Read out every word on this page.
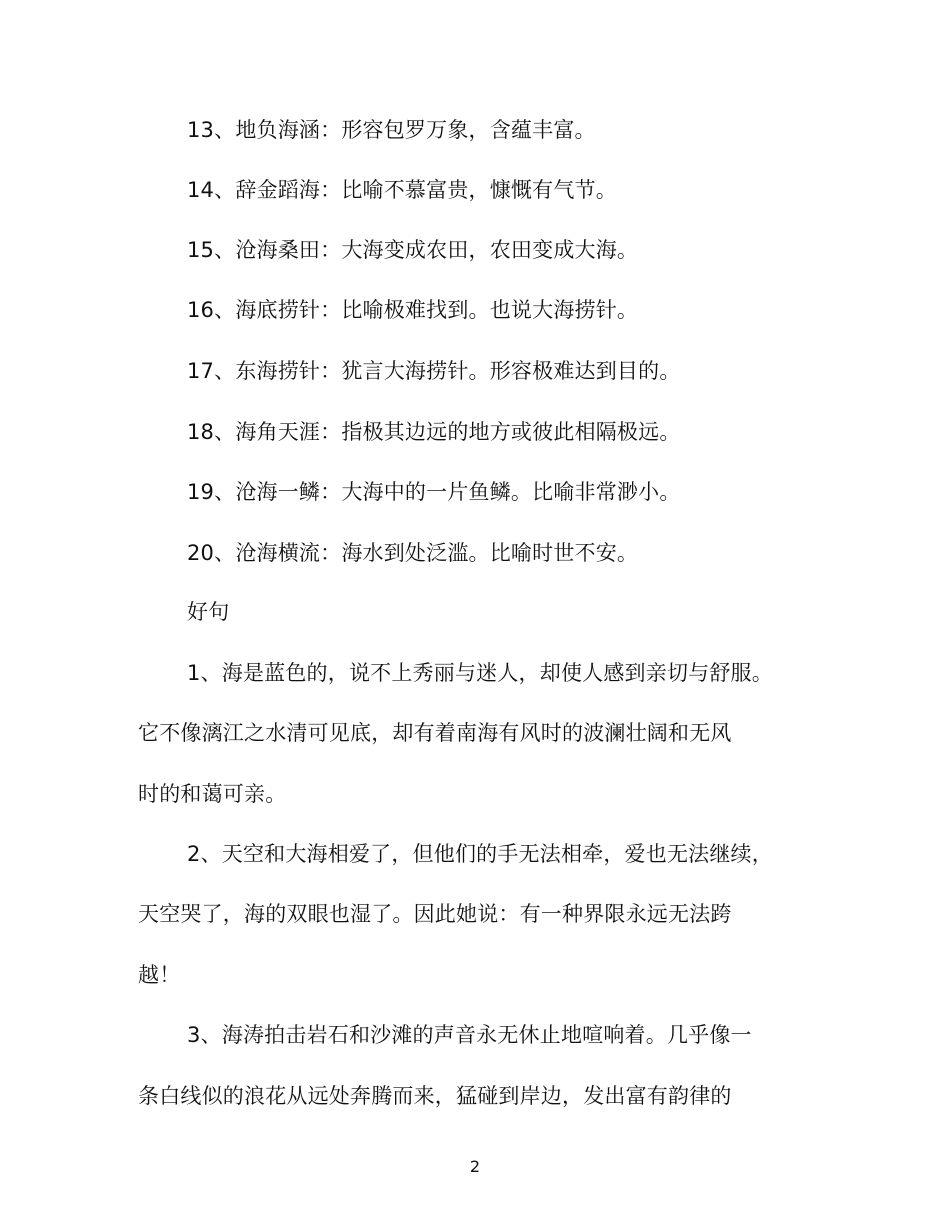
13、地负海涵：形容包罗万象，含蕴丰富。
14、辞金蹈海：比喻不慕富贵，慷慨有气节。
15、沧海桑田：大海变成农田，农田变成大海。
16、海底捞针：比喻极难找到。也说大海捞针。
17、东海捞针：犹言大海捞针。形容极难达到目的。
18、海角天涯：指极其边远的地方或彼此相隔极远。
19、沧海一鳞：大海中的一片鱼鳞。比喻非常渺小。
20、沧海横流：海水到处泛滥。比喻时世不安。
好句
1、海是蓝色的，说不上秀丽与迷人，却使人感到亲切与舒服。
它不像漓江之水清可见底，却有着南海有风时的波澜壮阔和无风
时的和蔼可亲。
2、天空和大海相爱了，但他们的手无法相牵，爱也无法继续，
天空哭了，海的双眼也湿了。因此她说：有一种界限永远无法跨
越！
3、海涛拍击岩石和沙滩的声音永无休止地喧响着。几乎像一
条白线似的浪花从远处奔腾而来，猛碰到岸边，发出富有韵律的
2
